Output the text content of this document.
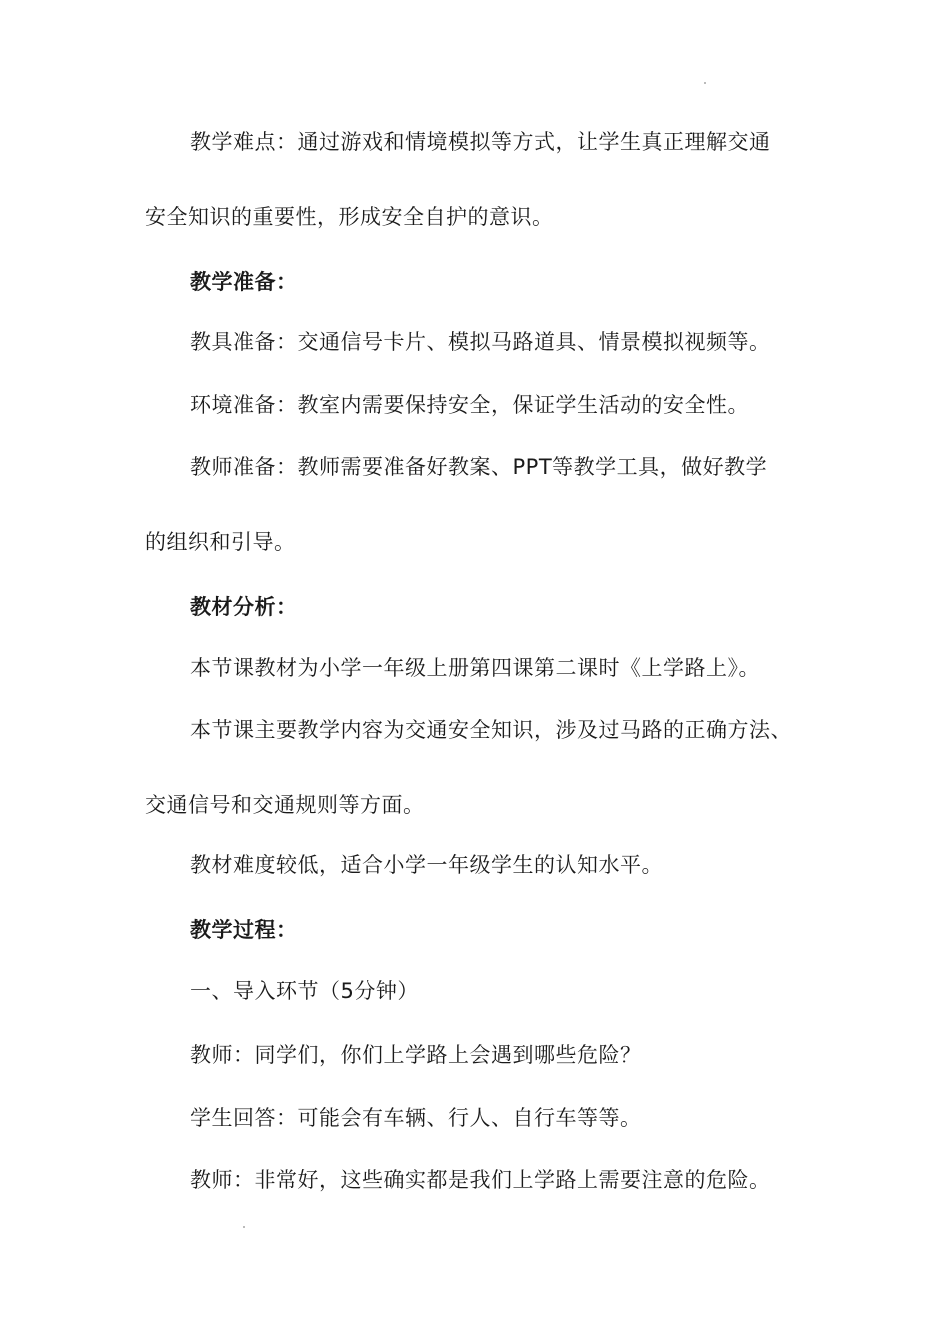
教学难点：通过游戏和情境模拟等方式，让学生真正理解交通
安全知识的重要性，形成安全自护的意识。
教学准备：
教具准备：交通信号卡片、模拟马路道具、情景模拟视频等。
环境准备：教室内需要保持安全，保证学生活动的安全性。
教师准备：教师需要准备好教案、PPT等教学工具，做好教学
的组织和引导。
教材分析：
本节课教材为小学一年级上册第四课第二课时《上学路上》。
本节课主要教学内容为交通安全知识，涉及过马路的正确方法、
交通信号和交通规则等方面。
教材难度较低，适合小学一年级学生的认知水平。
教学过程：
一、导入环节（5分钟）
教师：同学们，你们上学路上会遇到哪些危险？
学生回答：可能会有车辆、行人、自行车等等。
教师：非常好，这些确实都是我们上学路上需要注意的危险。
